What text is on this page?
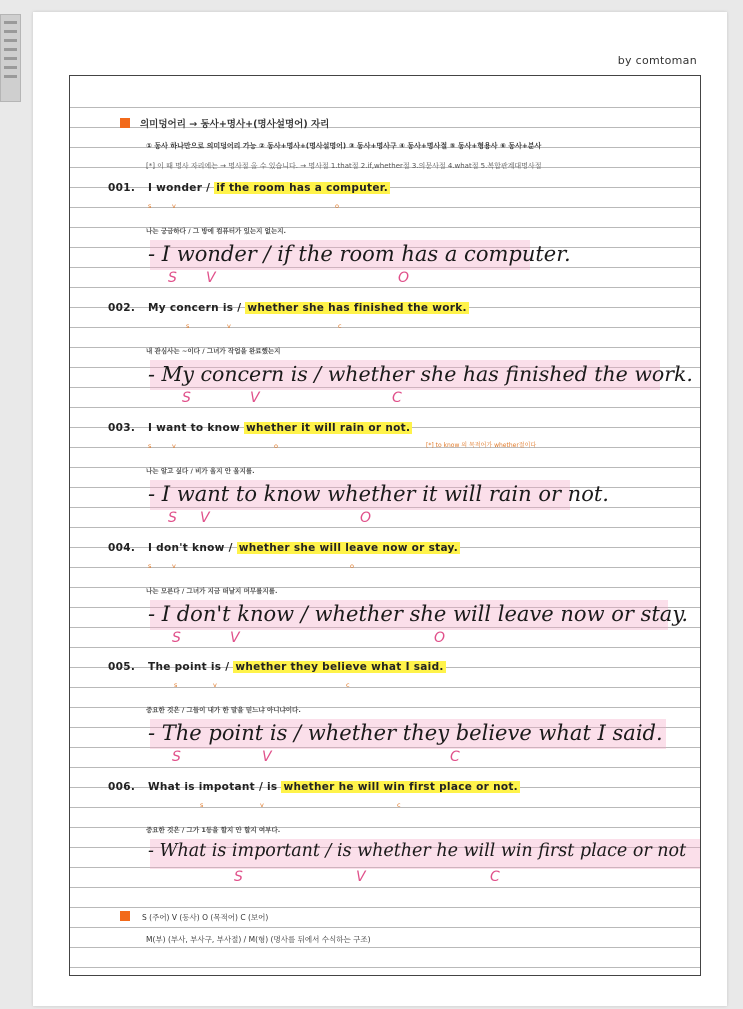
by comtoman
의미덩어리 → 동사+명사+(명사설명어) 자리
① 동사 하나만으로 의미덩어리 가능 ② 동사+명사+(명사설명어) ③ 동사+명사구 ④ 동사+명사절 ⑤ 동사+형용사 ⑥ 동사+분사
[*] 이 때 명사 자리에는 → 명사절 올 수 있습니다. → 명사절 1.that절 2.if,whether절 3.의문사절 4.what절 5.복합관계대명사절
001. I wonder / if the room has a computer.
s	v	o
나는 궁금하다 / 그 방에 컴퓨터가 있는지 없는지.
- I wonder / if the room has a computer.
S V	O
002. My concern is / whether she has finished the work.
s	v	c
내 관심사는 ~이다 / 그녀가 작업을 완료했는지
- My concern is / whether she has finished the work.
S	V	C
003. I want to know whether it will rain or not.
s	v	o	[*] to know 의 목적어가 whether절이다
나는 알고 싶다 / 비가 올지 안 올지를.
- I want to know whether it will rain or not.
S V	O
004. I don't know / whether she will leave now or stay.
s	v	o
나는 모른다 / 그녀가 지금 떠날지 머무를지를.
- I don't know / whether she will leave now or stay.
S	V	O
005. The point is / whether they believe what I said.
s	v	c
중요한 것은 / 그들이 내가 한 말을 믿느냐 아니냐이다.
- The point is / whether they believe what I said.
S	V	C
006. What is impotant / is whether he will win first place or not.
s	v	c
중요한 것은 / 그가 1등을 할지 안 할지 여부다.
- What is important / is whether he will win first place or not
S	V	C
S (주어) V (동사) O (목적어) C (보어)
M(부) (부사, 부사구, 부사절) / M(형) (명사를 뒤에서 수식하는 구조)
